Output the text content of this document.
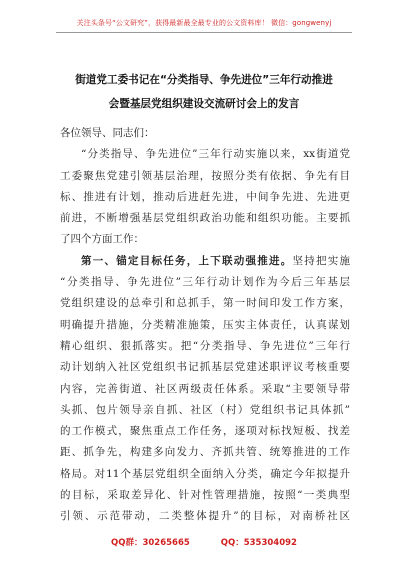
关注头条号“公文研究”，获得最新最全最专业的公文资料库！ 微信：gongwenyj
街道党工委书记在“分类指导、争先进位”三年行动推进
会暨基层党组织建设交流研讨会上的发言
各位领导、同志们：
“分类指导、争先进位”三年行动实施以来，xx街道党
工委聚焦党建引领基层治理，按照分类有依据、争先有目
标、推进有计划，推动后进赶先进，中间争先进、先进更
前进，不断增强基层党组织政治功能和组织功能。主要抓
了四个方面工作：
第一、锚定目标任务，上下联动强推进。坚持把实施
“分类指导、争先进位”三年行动计划作为今后三年基层
党组织建设的总牵引和总抓手，第一时间印发工作方案，
明确提升措施，分类精准施策，压实主体责任，认真谋划
精心组织、狠抓落实。把“分类指导、争先进位”三年行
动计划纳入社区党组织书记抓基层党建述职评议考核重要
内容，完善街道、社区两级责任体系。采取“主要领导带
头抓、包片领导亲自抓、社区（村）党组织书记具体抓”
的工作模式，聚焦重点工作任务，逐项对标找短板、找差
距、抓争先，构建多向发力、齐抓共管、统筹推进的工作
格局。对11个基层党组织全面纳入分类，确定今年拟提升
的目标，采取差异化、针对性管理措施，按照“一类典型
引领、示范带动，二类整体提升”的目标，对南桥社区
QQ群：30265665	QQ：535304092
